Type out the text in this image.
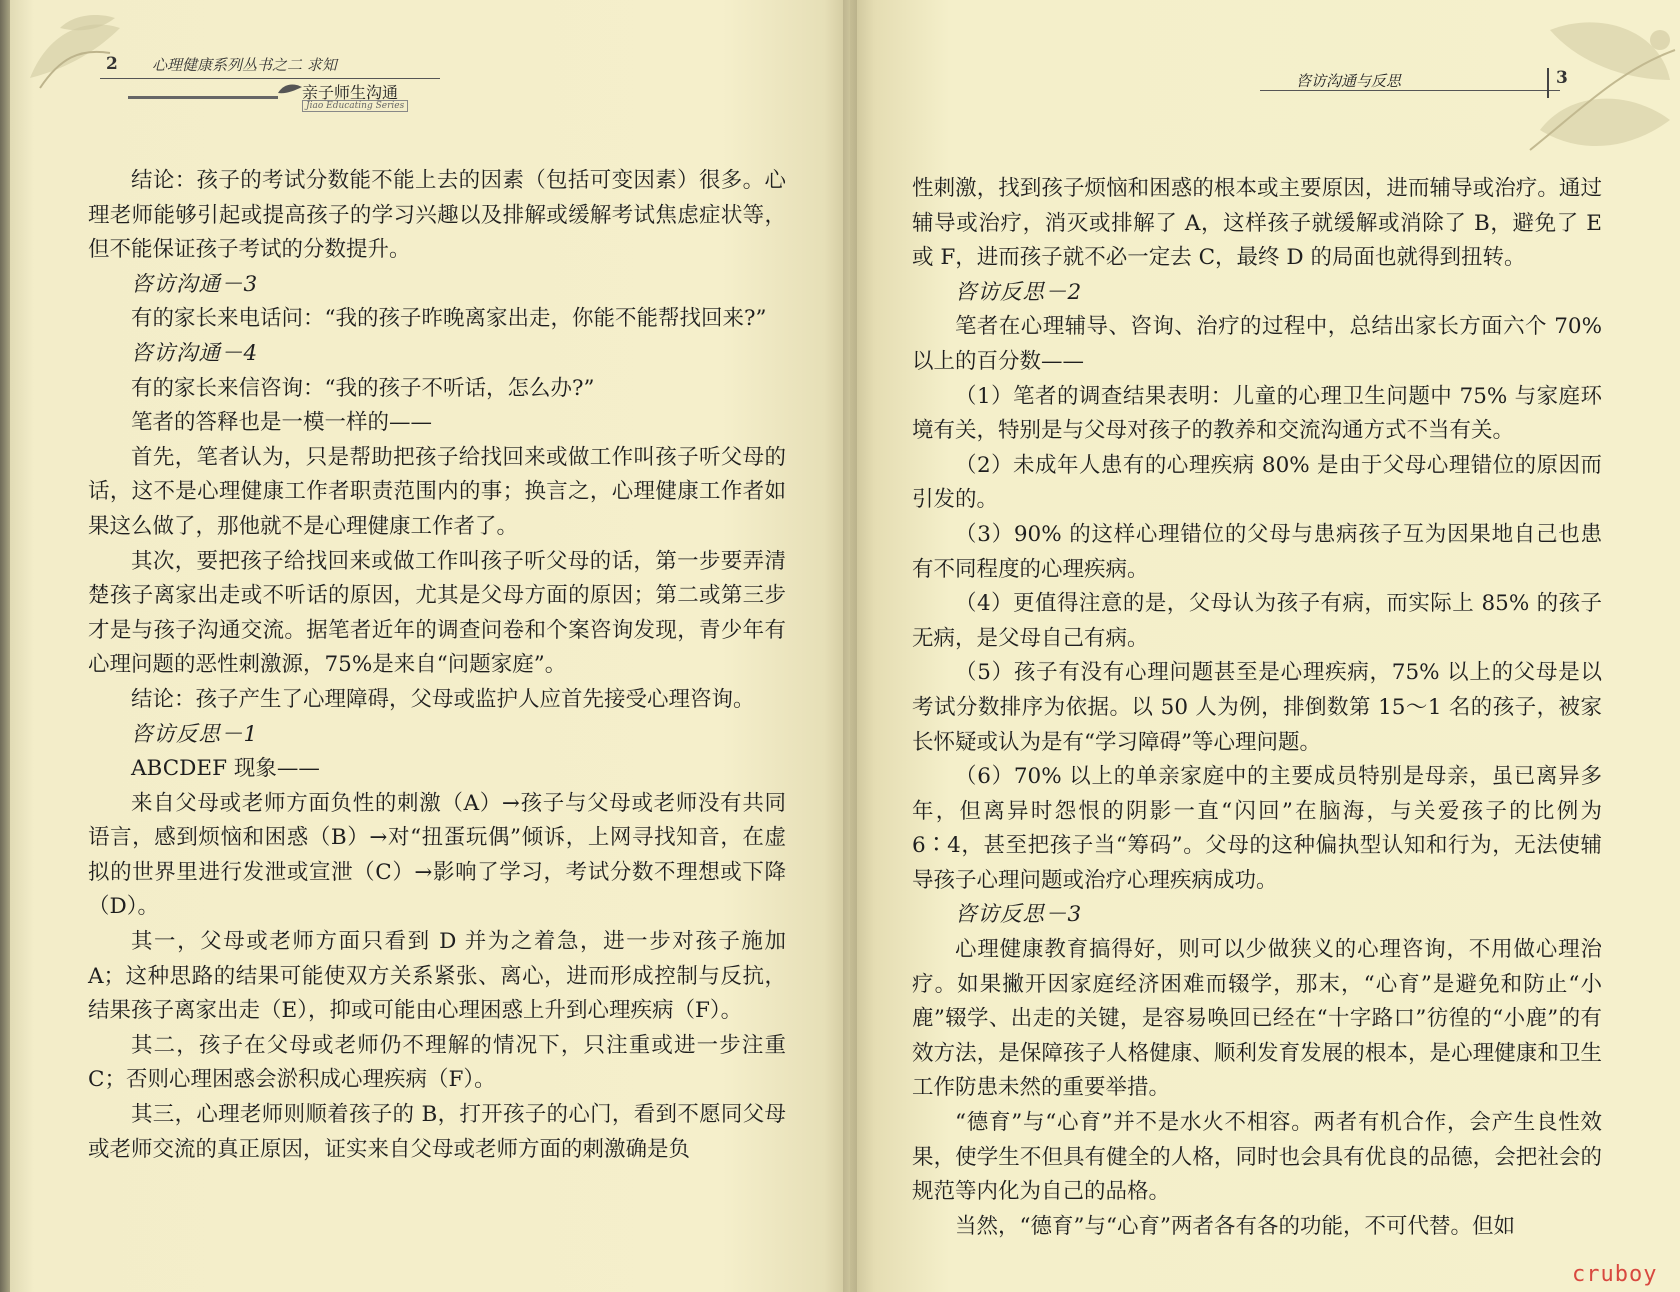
2 心理健康系列丛书之二 求知
亲子师生沟通
Jiao Educating Series

结论：孩子的考试分数能不能上去的因素（包括可变因素）很多。心理老师能够引起或提高孩子的学习兴趣以及排解或缓解考试焦虑症状等，但不能保证孩子考试的分数提升。

咨访沟通－3

有的家长来电话问：“我的孩子昨晚离家出走，你能不能帮找回来?”

咨访沟通－4

有的家长来信咨询：“我的孩子不听话，怎么办?”

笔者的答释也是一模一样的——

首先，笔者认为，只是帮助把孩子给找回来或做工作叫孩子听父母的话，这不是心理健康工作者职责范围内的事；换言之，心理健康工作者如果这么做了，那他就不是心理健康工作者了。

其次，要把孩子给找回来或做工作叫孩子听父母的话，第一步要弄清楚孩子离家出走或不听话的原因，尤其是父母方面的原因；第二或第三步才是与孩子沟通交流。据笔者近年的调查问卷和个案咨询发现，青少年有心理问题的恶性刺激源，75%是来自“问题家庭”。

结论：孩子产生了心理障碍，父母或监护人应首先接受心理咨询。

咨访反思－1

ABCDEF 现象——

来自父母或老师方面负性的刺激（A）→孩子与父母或老师没有共同语言，感到烦恼和困惑（B）→对“扭蛋玩偶”倾诉，上网寻找知音，在虚拟的世界里进行发泄或宣泄（C）→影响了学习，考试分数不理想或下降（D）。

其一，父母或老师方面只看到 D 并为之着急，进一步对孩子施加 A；这种思路的结果可能使双方关系紧张、离心，进而形成控制与反抗，结果孩子离家出走（E），抑或可能由心理困惑上升到心理疾病（F）。

其二，孩子在父母或老师仍不理解的情况下，只注重或进一步注重 C；否则心理困惑会淤积成心理疾病（F）。

其三，心理老师则顺着孩子的 B，打开孩子的心门，看到不愿同父母或老师交流的真正原因，证实来自父母或老师方面的刺激确是负

咨访沟通与反思	3

性刺激，找到孩子烦恼和困惑的根本或主要原因，进而辅导或治疗。通过辅导或治疗，消灭或排解了 A，这样孩子就缓解或消除了 B，避免了 E 或 F，进而孩子就不必一定去 C，最终 D 的局面也就得到扭转。

咨访反思－2

笔者在心理辅导、咨询、治疗的过程中，总结出家长方面六个 70% 以上的百分数——

（1）笔者的调查结果表明：儿童的心理卫生问题中 75% 与家庭环境有关，特别是与父母对孩子的教养和交流沟通方式不当有关。

（2）未成年人患有的心理疾病 80% 是由于父母心理错位的原因而引发的。

（3）90% 的这样心理错位的父母与患病孩子互为因果地自己也患有不同程度的心理疾病。

（4）更值得注意的是，父母认为孩子有病，而实际上 85% 的孩子无病，是父母自己有病。

（5）孩子有没有心理问题甚至是心理疾病，75% 以上的父母是以考试分数排序为依据。以 50 人为例，排倒数第 15～1 名的孩子，被家长怀疑或认为是有“学习障碍”等心理问题。

（6）70% 以上的单亲家庭中的主要成员特别是母亲，虽已离异多年，但离异时怨恨的阴影一直“闪回”在脑海，与关爱孩子的比例为 6∶4，甚至把孩子当“筹码”。父母的这种偏执型认知和行为，无法使辅导孩子心理问题或治疗心理疾病成功。

咨访反思－3

心理健康教育搞得好，则可以少做狭义的心理咨询，不用做心理治疗。如果撇开因家庭经济困难而辍学，那末，“心育”是避免和防止“小鹿”辍学、出走的关键，是容易唤回已经在“十字路口”彷徨的“小鹿”的有效方法，是保障孩子人格健康、顺利发育发展的根本，是心理健康和卫生工作防患未然的重要举措。

“德育”与“心育”并不是水火不相容。两者有机合作，会产生良性效果，使学生不但具有健全的人格，同时也会具有优良的品德，会把社会的规范等内化为自己的品格。

当然，“德育”与“心育”两者各有各的功能，不可代替。但如

cruboy
